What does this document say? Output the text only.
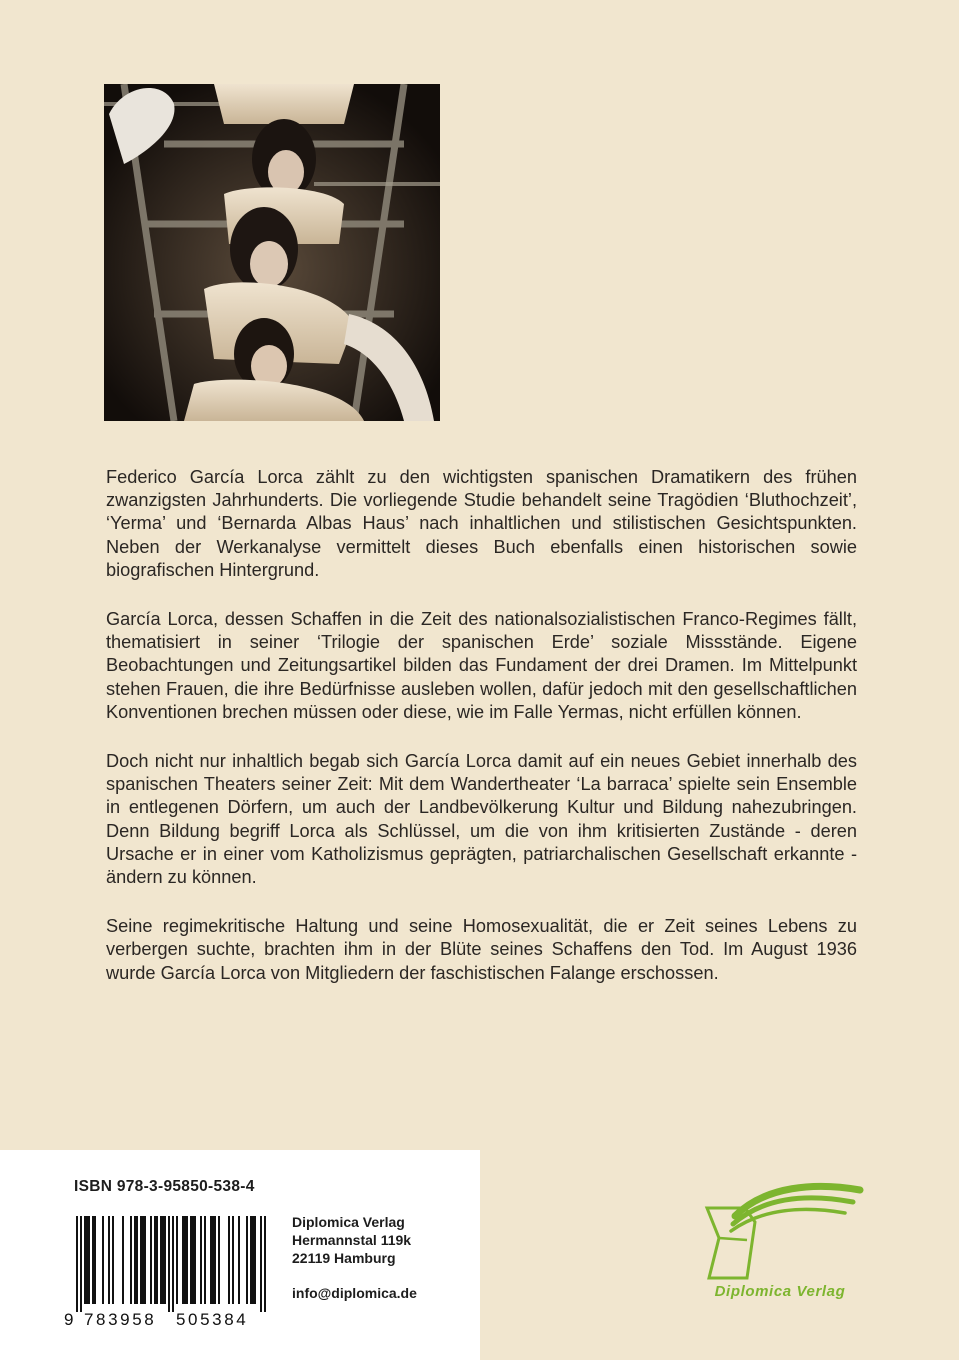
Federico García Lorca zählt zu den wichtigsten spanischen Dramatikern des frühen zwanzigsten Jahrhunderts. Die vorliegende Studie behandelt seine Tragödien ‘Bluthochzeit’, ‘Yerma’ und ‘Bernarda Albas Haus’ nach inhaltlichen und stilistischen Gesichtspunkten. Neben der Werkanalyse vermittelt dieses Buch ebenfalls einen historischen sowie biografischen Hintergrund.

García Lorca, dessen Schaffen in die Zeit des nationalsozialistischen Franco-Regimes fällt, thematisiert in seiner ‘Trilogie der spanischen Erde’ soziale Missstände. Eigene Beobachtungen und Zeitungsartikel bilden das Fundament der drei Dramen. Im Mittelpunkt stehen Frauen, die ihre Bedürfnisse ausleben wollen, dafür jedoch mit den gesellschaftlichen Konventionen brechen müssen oder diese, wie im Falle Yermas, nicht erfüllen können.

Doch nicht nur inhaltlich begab sich García Lorca damit auf ein neues Gebiet innerhalb des spanischen Theaters seiner Zeit: Mit dem Wandertheater ‘La barraca’ spielte sein Ensemble in entlegenen Dörfern, um auch der Landbevölkerung Kultur und Bildung nahezubringen. Denn Bildung begriff Lorca als Schlüssel, um die von ihm kritisierten Zustände - deren Ursache er in einer vom Katholizismus geprägten, patriarchalischen Gesellschaft erkannte - ändern zu können.

Seine regimekritische Haltung und seine Homosexualität, die er Zeit seines Lebens zu verbergen suchte, brachten ihm in der Blüte seines Schaffens den Tod. Im August 1936 wurde García Lorca von Mitgliedern der faschistischen Falange erschossen.

ISBN 978-3-95850-538-4
9 783958 505384
Diplomica Verlag
Hermannstal 119k
22119 Hamburg
info@diplomica.de	Diplomica Verlag
